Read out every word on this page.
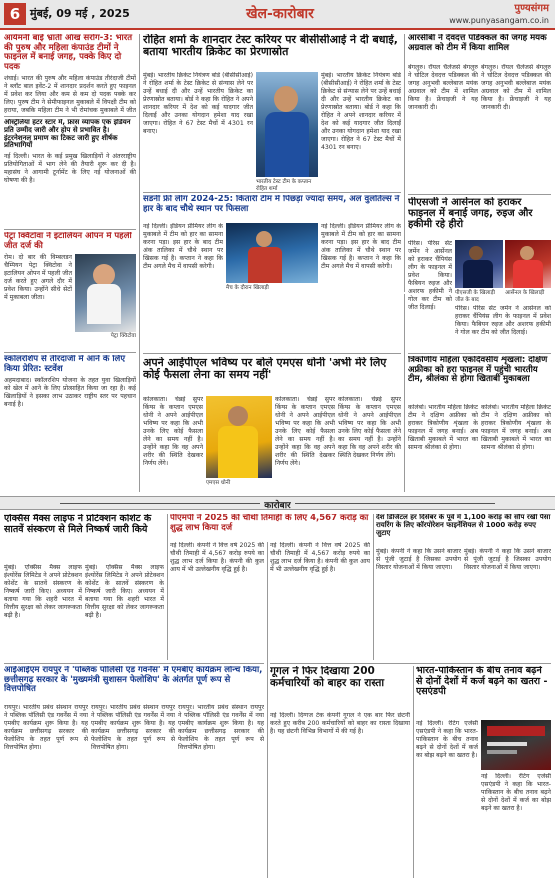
6 मुंबई, 09 मई , 2025	खेल-कारोबार	पुण्यसंगम
www.punyasangam.co.in
आर्यमनी बाईं भ्रांतीं ऑख संरोग-3: भारत की पुरुष और महिला कंपाउंड टीमों ने फाइनल में बनाई जगह, पक्के किए दो पदक
शंघाई। भारत की पुरुष और महिला कंपाउंड तीरंदाजी टीमों ने ब्लॉट बाल इवेंट-2 में शानदार प्रदर्शन करते हुए फाइनल में प्रवेश कर लिया और कम से कम दो पदक पक्के कर लिए। पुरुष टीम ने सेमीफाइनल मुकाबले में विपक्षी टीम को हराया, जबकि महिला टीम ने भी रोमांचक मुकाबले में जीत
ऑस्ट्रेलिया हंटर स्टार में, फ्रांस व्यापक एक इंडियन प्रति उम्मीद जारी और होप से प्रभावित है। इंटरनेशनल प्रमाण का टिकट जारी हुए शीर्षक प्रतिभागियों
नई दिल्ली। भारत के कई प्रमुख खिलाड़ियों ने अंतरराष्ट्रीय प्रतियोगिताओं में भाग लेने की तैयारी शुरू कर दी है। महासंघ ने आगामी टूर्नामेंट के लिए नई योजनाओं की घोषणा की है।
पेट्रा क्विटोवा ने इटालियन ओपन में पहली जीत दर्ज की
रोम। दो बार की विम्बलडन चैम्पियन पेट्रा क्विटोवा ने इटालियन ओपन में पहली जीत दर्ज करते हुए अगले दौर में प्रवेश किया। उन्होंने सीधे सेटों में मुकाबला जीता।
पेट्रा क्विटोवा
स्कॉलरशिप से तीरंदाजी में आने के लिए किया प्रेरित: स्टवेंश
अहमदाबाद। स्कॉलरशिप योजना के तहत युवा खिलाड़ियों को खेल में आने के लिए प्रोत्साहित किया जा रहा है। कई खिलाड़ियों ने इसका लाभ उठाकर राष्ट्रीय स्तर पर पहचान बनाई है।
रोहित शर्मा के शानदार टेस्ट करियर पर बीसीसीआई ने दी बधाई, बताया भारतीय क्रिकेट का प्रेरणास्रोत
मुंबई। भारतीय क्रिकेट नियंत्रण बोर्ड (बीसीसीआई) ने रोहित शर्मा के टेस्ट क्रिकेट से संन्यास लेने पर उन्हें बधाई दी और उन्हें भारतीय क्रिकेट का प्रेरणास्रोत बताया। बोर्ड ने कहा कि रोहित ने अपने शानदार करियर में देश को कई यादगार जीत दिलाईं और उनका योगदान हमेशा याद रखा जाएगा। रोहित ने 67 टेस्ट मैचों में 4301 रन बनाए।
भारतीय टेस्ट टीम के कप्तान रोहित शर्मा
मुंबई। भारतीय क्रिकेट नियंत्रण बोर्ड (बीसीसीआई) ने रोहित शर्मा के टेस्ट क्रिकेट से संन्यास लेने पर उन्हें बधाई दी और उन्हें भारतीय क्रिकेट का प्रेरणास्रोत बताया। बोर्ड ने कहा कि रोहित ने अपने शानदार करियर में देश को कई यादगार जीत दिलाईं और उनका योगदान हमेशा याद रखा जाएगा। रोहित ने 67 टेस्ट मैचों में 4301 रन बनाए।
सडनी फ्री लीग 2024-25: किंतारी टीम में पिछड़ा ज्यादा समय, अल वुलतिल्स ने हार के बाद चौथे स्थान पर फिसला
नई दिल्ली। इंडियन प्रीमियर लीग के मुकाबले में टीम को हार का सामना करना पड़ा। इस हार के बाद टीम अंक तालिका में चौथे स्थान पर खिसक गई है। कप्तान ने कहा कि टीम अगले मैच में वापसी करेगी।
मैच के दौरान खिलाड़ी
नई दिल्ली। इंडियन प्रीमियर लीग के मुकाबले में टीम को हार का सामना करना पड़ा। इस हार के बाद टीम अंक तालिका में चौथे स्थान पर खिसक गई है। कप्तान ने कहा कि टीम अगले मैच में वापसी करेगी।
आरसीबी ने देवदत्त पडिक्कल की जगह मयंक अग्रवाल को टीम में किया शामिल
बेंगलुरु। रॉयल चैलेंजर्स बेंगलुरु ने चोटिल देवदत्त पडिक्कल की जगह अनुभवी बल्लेबाज मयंक अग्रवाल को टीम में शामिल किया है। फ्रेंचाइजी ने यह जानकारी दी।
बेंगलुरु। रॉयल चैलेंजर्स बेंगलुरु ने चोटिल देवदत्त पडिक्कल की जगह अनुभवी बल्लेबाज मयंक अग्रवाल को टीम में शामिल किया है। फ्रेंचाइजी ने यह जानकारी दी।
पीएसजी ने आर्सेनल को हराकर फाइनल में बनाई जगह, रुइज और हकीमी रहे हीरो
पेरिस। पेरिस सेंट जर्मेन ने आर्सेनल को हराकर चैंपियंस लीग के फाइनल में प्रवेश किया। फैबियन रुइज और अशरफ हकीमी ने गोल कर टीम को जीत दिलाई।
पीएसजी के खिलाड़ी जीत के बाद
आर्सेनल के खिलाड़ी
पेरिस। पेरिस सेंट जर्मेन ने आर्सेनल को हराकर चैंपियंस लीग के फाइनल में प्रवेश किया। फैबियन रुइज और अशरफ हकीमी ने गोल कर टीम को जीत दिलाई।
त्रिकोणीय महिला एकदिवसीय शृंखला: दक्षिण अफ्रीका को हरा फाइनल में पहुंची भारतीय टीम, श्रीलंका से होगा खिताबी मुकाबला
कोलंबो। भारतीय महिला क्रिकेट टीम ने दक्षिण अफ्रीका को हराकर त्रिकोणीय शृंखला के फाइनल में जगह बनाई। अब खिताबी मुकाबले में भारत का सामना श्रीलंका से होगा।
कोलंबो। भारतीय महिला क्रिकेट टीम ने दक्षिण अफ्रीका को हराकर त्रिकोणीय शृंखला के फाइनल में जगह बनाई। अब खिताबी मुकाबले में भारत का सामना श्रीलंका से होगा।
अपने आईपीएल भविष्य पर बोले एमएस धोनी 'अभी मेरे लिए कोई फैसला लेना का समय नहीं'
कोलकाता। चेन्नई सुपर किंग्स के कप्तान एमएस धोनी ने अपने आईपीएल भविष्य पर कहा कि अभी उनके लिए कोई फैसला लेने का समय नहीं है। उन्होंने कहा कि वह अपने शरीर की स्थिति देखकर निर्णय लेंगे।
एमएस धोनी
कोलकाता। चेन्नई सुपर किंग्स के कप्तान एमएस धोनी ने अपने आईपीएल भविष्य पर कहा कि अभी उनके लिए कोई फैसला लेने का समय नहीं है। उन्होंने कहा कि वह अपने शरीर की स्थिति देखकर निर्णय लेंगे।
कोलकाता। चेन्नई सुपर किंग्स के कप्तान एमएस धोनी ने अपने आईपीएल भविष्य पर कहा कि अभी उनके लिए कोई फैसला लेने का समय नहीं है। उन्होंने कहा कि वह अपने शरीर की स्थिति देखकर निर्णय लेंगे।
कारोबार
एक्सिस मैक्स लाइफ ने प्रोटेक्शन कोशेंट के सातवें संस्करण से मिले निष्कर्ष जारी किये
मुंबई। एक्सिस मैक्स लाइफ इंश्योरेंस लिमिटेड ने अपने प्रोटेक्शन कोशेंट के सातवें संस्करण के निष्कर्ष जारी किए। अध्ययन में बताया गया कि शहरी भारत में वित्तीय सुरक्षा को लेकर जागरूकता बढ़ी है।
मुंबई। एक्सिस मैक्स लाइफ इंश्योरेंस लिमिटेड ने अपने प्रोटेक्शन कोशेंट के सातवें संस्करण के निष्कर्ष जारी किए। अध्ययन में बताया गया कि शहरी भारत में वित्तीय सुरक्षा को लेकर जागरूकता बढ़ी है।
आईआईएम रायपुर ने 'पब्लिक पॉलिसी एंड गवर्नेंस' में एमबीए कार्यक्रम लॉन्च किया, छत्तीसगढ़ सरकार के 'मुख्यमंत्री सुशासन फेलोशिप' के अंतर्गत पूर्ण रूप से वित्तपोषित
रायपुर। भारतीय प्रबंध संस्थान रायपुर ने पब्लिक पॉलिसी एंड गवर्नेंस में नया एमबीए कार्यक्रम शुरू किया है। यह कार्यक्रम छत्तीसगढ़ सरकार की फेलोशिप के तहत पूर्ण रूप से वित्तपोषित होगा।
रायपुर। भारतीय प्रबंध संस्थान रायपुर ने पब्लिक पॉलिसी एंड गवर्नेंस में नया एमबीए कार्यक्रम शुरू किया है। यह कार्यक्रम छत्तीसगढ़ सरकार की फेलोशिप के तहत पूर्ण रूप से वित्तपोषित होगा।
रायपुर। भारतीय प्रबंध संस्थान रायपुर ने पब्लिक पॉलिसी एंड गवर्नेंस में नया एमबीए कार्यक्रम शुरू किया है। यह कार्यक्रम छत्तीसगढ़ सरकार की फेलोशिप के तहत पूर्ण रूप से वित्तपोषित होगा।
पीएमपी ने 2025 की चौथी तिमाही के लिए 4,567 करोड़ का शुद्ध लाभ किया दर्ज
नई दिल्ली। कंपनी ने वित्त वर्ष 2025 की चौथी तिमाही में 4,567 करोड़ रुपये का शुद्ध लाभ दर्ज किया है। कंपनी की कुल आय में भी उल्लेखनीय वृद्धि हुई है।
नई दिल्ली। कंपनी ने वित्त वर्ष 2025 की चौथी तिमाही में 4,567 करोड़ रुपये का शुद्ध लाभ दर्ज किया है। कंपनी की कुल आय में भी उल्लेखनीय वृद्धि हुई है।
देश डिजिटल हर दिसेंबर के पूर्व में 1,100 करोड़ की सौंप रखी पैसा रायरिंग के लिए कॉरपोरेशन फाइनेंशियल से 1000 करोड़ रुपए जुटाए
मुंबई। कंपनी ने कहा कि उसने बाजार से पूंजी जुटाई है जिसका उपयोग विस्तार योजनाओं में किया जाएगा।
मुंबई। कंपनी ने कहा कि उसने बाजार से पूंजी जुटाई है जिसका उपयोग विस्तार योजनाओं में किया जाएगा।
गूगल ने फिर दिखाया 200 कर्मचारियों को बाहर का रास्ता
नई दिल्ली। दिग्गज टेक कंपनी गूगल ने एक बार फिर छंटनी करते हुए करीब 200 कर्मचारियों को बाहर का रास्ता दिखाया है। यह छंटनी विभिन्न विभागों में की गई है।
भारत-पाकिस्तान के बीच तनाव बढ़ने से दोनों देशों में कर्ज बढ़ने का खतरा - एसएंडपी
नई दिल्ली। रेटिंग एजेंसी एसएंडपी ने कहा कि भारत-पाकिस्तान के बीच तनाव बढ़ने से दोनों देशों में कर्ज का बोझ बढ़ने का खतरा है।
नई दिल्ली। रेटिंग एजेंसी एसएंडपी ने कहा कि भारत-पाकिस्तान के बीच तनाव बढ़ने से दोनों देशों में कर्ज का बोझ बढ़ने का खतरा है।
